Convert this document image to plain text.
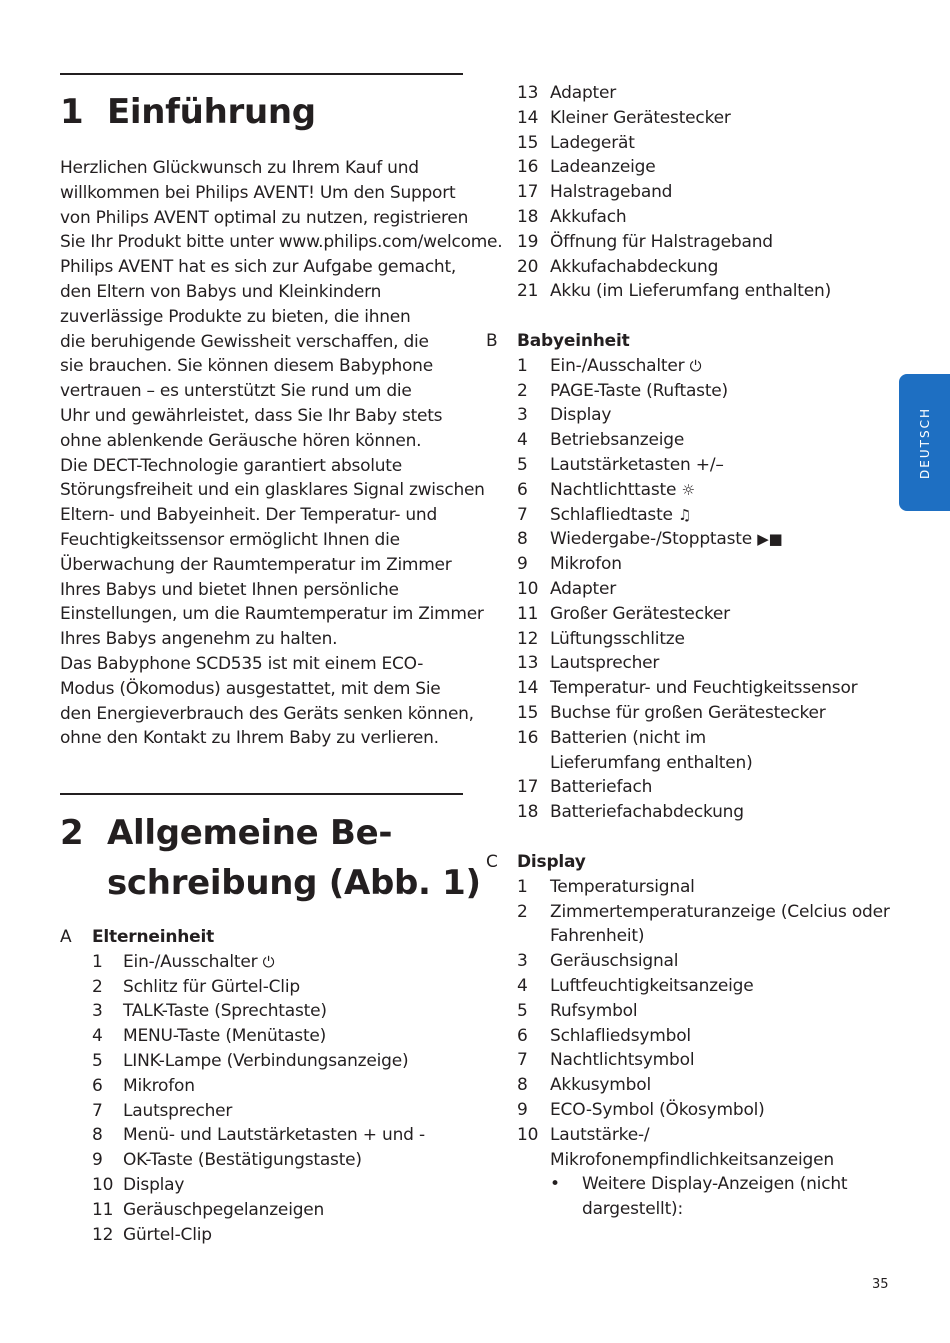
1 Einführung
Herzlichen Glückwunsch zu Ihrem Kauf und
willkommen bei Philips AVENT! Um den Support
von Philips AVENT optimal zu nutzen, registrieren
Sie Ihr Produkt bitte unter www.philips.com/welcome.
Philips AVENT hat es sich zur Aufgabe gemacht,
den Eltern von Babys und Kleinkindern
zuverlässige Produkte zu bieten, die ihnen
die beruhigende Gewissheit verschaffen, die
sie brauchen. Sie können diesem Babyphone
vertrauen – es unterstützt Sie rund um die
Uhr und gewährleistet, dass Sie Ihr Baby stets
ohne ablenkende Geräusche hören können.
Die DECT-Technologie garantiert absolute
Störungsfreiheit und ein glasklares Signal zwischen
Eltern- und Babyeinheit. Der Temperatur- und
Feuchtigkeitssensor ermöglicht Ihnen die
Überwachung der Raumtemperatur im Zimmer
Ihres Babys und bietet Ihnen persönliche
Einstellungen, um die Raumtemperatur im Zimmer
Ihres Babys angenehm zu halten.
Das Babyphone SCD535 ist mit einem ECO-
Modus (Ökomodus) ausgestattet, mit dem Sie
den Energieverbrauch des Geräts senken können,
ohne den Kontakt zu Ihrem Baby zu verlieren.
2 Allgemeine Be-
schreibung (Abb. 1)
A Elterneinheit
1 Ein-/Ausschalter ⏻
2 Schlitz für Gürtel-Clip
3 TALK-Taste (Sprechtaste)
4 MENU-Taste (Menütaste)
5 LINK-Lampe (Verbindungsanzeige)
6 Mikrofon
7 Lautsprecher
8 Menü- und Lautstärketasten + und -
9 OK-Taste (Bestätigungstaste)
10 Display
11 Geräuschpegelanzeigen
12 Gürtel-Clip
13 Adapter
14 Kleiner Gerätestecker
15 Ladegerät
16 Ladeanzeige
17 Halstrageband
18 Akkufach
19 Öffnung für Halstrageband
20 Akkufachabdeckung
21 Akku (im Lieferumfang enthalten)
B Babyeinheit
1 Ein-/Ausschalter ⏻
2 PAGE-Taste (Ruftaste)
3 Display
4 Betriebsanzeige
5 Lautstärketasten +/–
6 Nachtlichttaste ☼
7 Schlafliedtaste ♫
8 Wiedergabe-/Stopptaste ▶■
9 Mikrofon
10 Adapter
11 Großer Gerätestecker
12 Lüftungsschlitze
13 Lautsprecher
14 Temperatur- und Feuchtigkeitssensor
15 Buchse für großen Gerätestecker
16 Batterien (nicht im Lieferumfang enthalten)
17 Batteriefach
18 Batteriefachabdeckung
C Display
1 Temperatursignal
2 Zimmertemperaturanzeige (Celcius oder Fahrenheit)
3 Geräuschsignal
4 Luftfeuchtigkeitsanzeige
5 Rufsymbol
6 Schlafliedsymbol
7 Nachtlichtsymbol
8 Akkusymbol
9 ECO-Symbol (Ökosymbol)
10 Lautstärke-/ Mikrofonempfindlichkeitsanzeigen
• Weitere Display-Anzeigen (nicht dargestellt):
DEUTSCH
35
